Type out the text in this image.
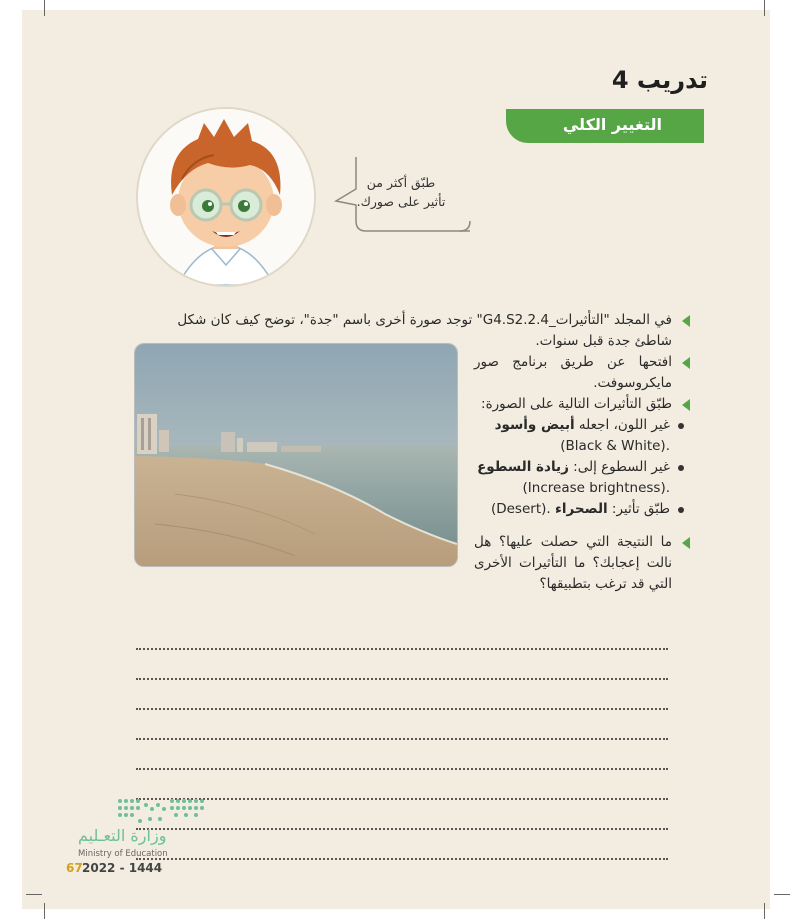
تدريب 4
التغيير الكلي
طبّق أكثر من
تأثير على صورك.
في المجلد "التأثيرات_G4.S2.2.4" توجد صورة أخرى باسم "جدة"، توضح كيف كان شكل شاطئ جدة قبل سنوات.
افتحها عن طريق برنامج صور مايكروسوفت.
طبّق التأثيرات التالية على الصورة:
غير اللون، اجعله أبيض وأسود
(Black & White).
غير السطوع إلى: زيادة السطوع
(Increase brightness).
طبّق تأثير: الصحراء (Desert).
ما النتيجة التي حصلت عليها؟ هل نالت إعجابك؟ ما التأثيرات الأخرى التي قد ترغب بتطبيقها؟
وزارة التعـليم
Ministry of Education
67 2022 - 1444
